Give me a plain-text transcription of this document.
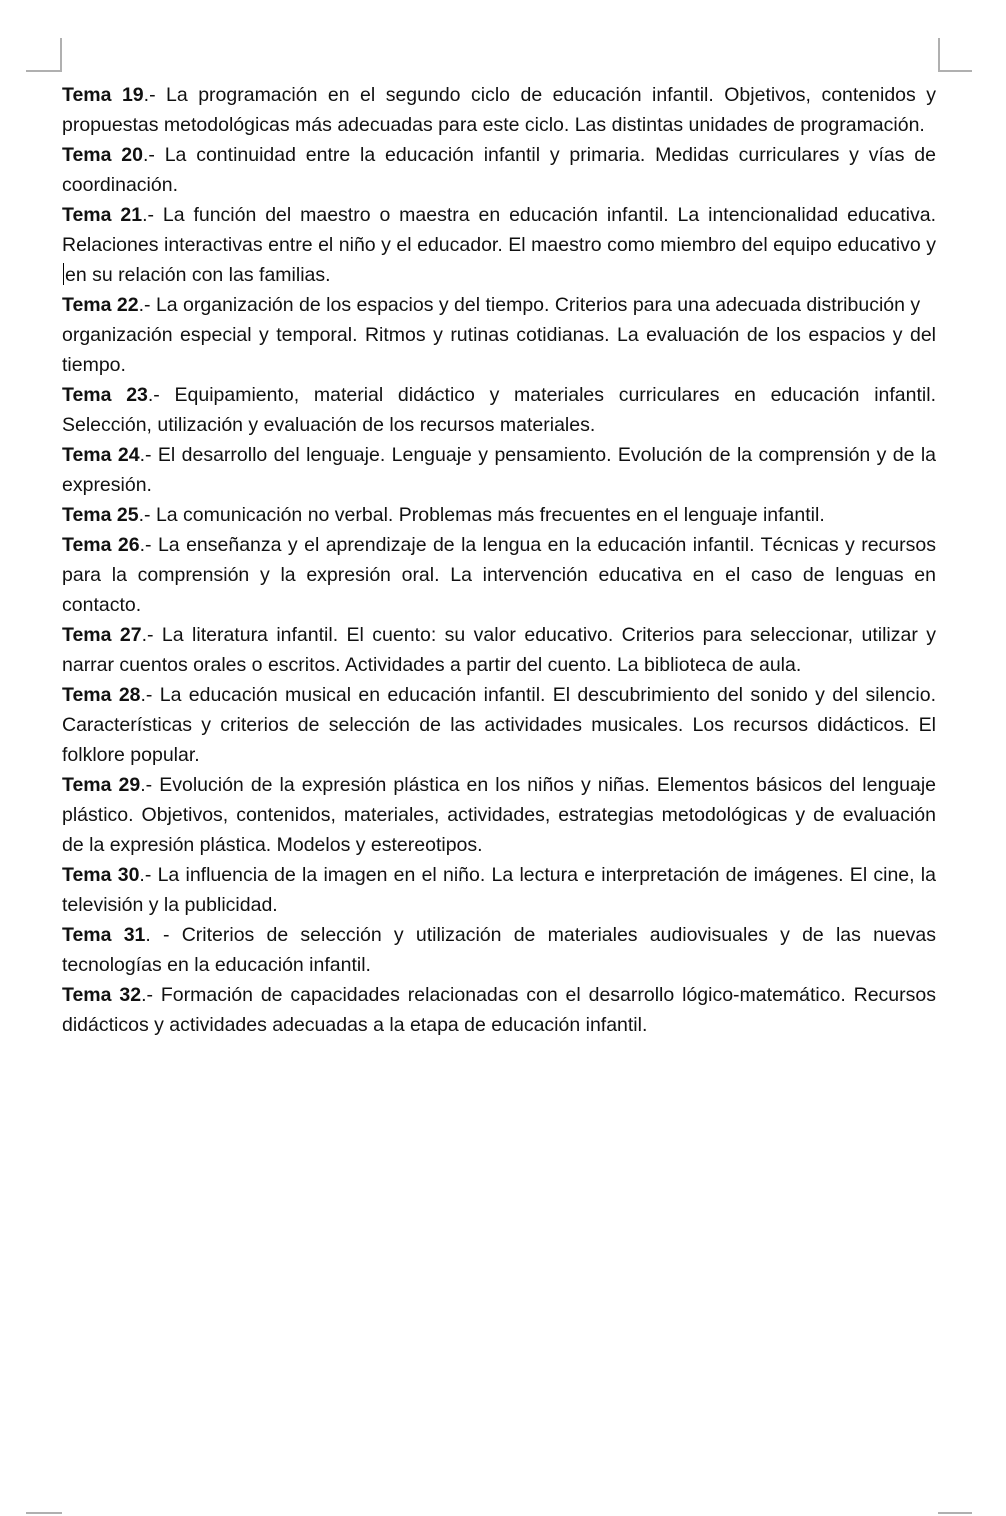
Tema 19.- La programación en el segundo ciclo de educación infantil. Objetivos, contenidos y propuestas metodológicas más adecuadas para este ciclo. Las distintas unidades de programación.

Tema 20.- La continuidad entre la educación infantil y primaria. Medidas curriculares y vías de coordinación.

Tema 21.- La función del maestro o maestra en educación infantil. La intencionalidad educativa. Relaciones interactivas entre el niño y el educador. El maestro como miembro del equipo educativo y en su relación con las familias.

Tema 22.- La organización de los espacios y del tiempo. Criterios para una adecuada distribución y

organización especial y temporal. Ritmos y rutinas cotidianas. La evaluación de los espacios y del tiempo.

Tema 23.- Equipamiento, material didáctico y materiales curriculares en educación infantil. Selección, utilización y evaluación de los recursos materiales.

Tema 24.- El desarrollo del lenguaje. Lenguaje y pensamiento. Evolución de la comprensión y de la expresión.

Tema 25.- La comunicación no verbal. Problemas más frecuentes en el lenguaje infantil.

Tema 26.- La enseñanza y el aprendizaje de la lengua en la educación infantil. Técnicas y recursos para la comprensión y la expresión oral. La intervención educativa en el caso de lenguas en contacto.

Tema 27.- La literatura infantil. El cuento: su valor educativo. Criterios para seleccionar, utilizar y narrar cuentos orales o escritos. Actividades a partir del cuento. La biblioteca de aula.

Tema 28.- La educación musical en educación infantil. El descubrimiento del sonido y del silencio. Características y criterios de selección de las actividades musicales. Los recursos didácticos. El folklore popular.

Tema 29.- Evolución de la expresión plástica en los niños y niñas. Elementos básicos del lenguaje plástico. Objetivos, contenidos, materiales, actividades, estrategias metodológicas y de evaluación de la expresión plástica. Modelos y estereotipos.

Tema 30.- La influencia de la imagen en el niño. La lectura e interpretación de imágenes. El cine, la televisión y la publicidad.

Tema 31. - Criterios de selección y utilización de materiales audiovisuales y de las nuevas tecnologías en la educación infantil.

Tema 32.- Formación de capacidades relacionadas con el desarrollo lógico-matemático. Recursos didácticos y actividades adecuadas a la etapa de educación infantil.
